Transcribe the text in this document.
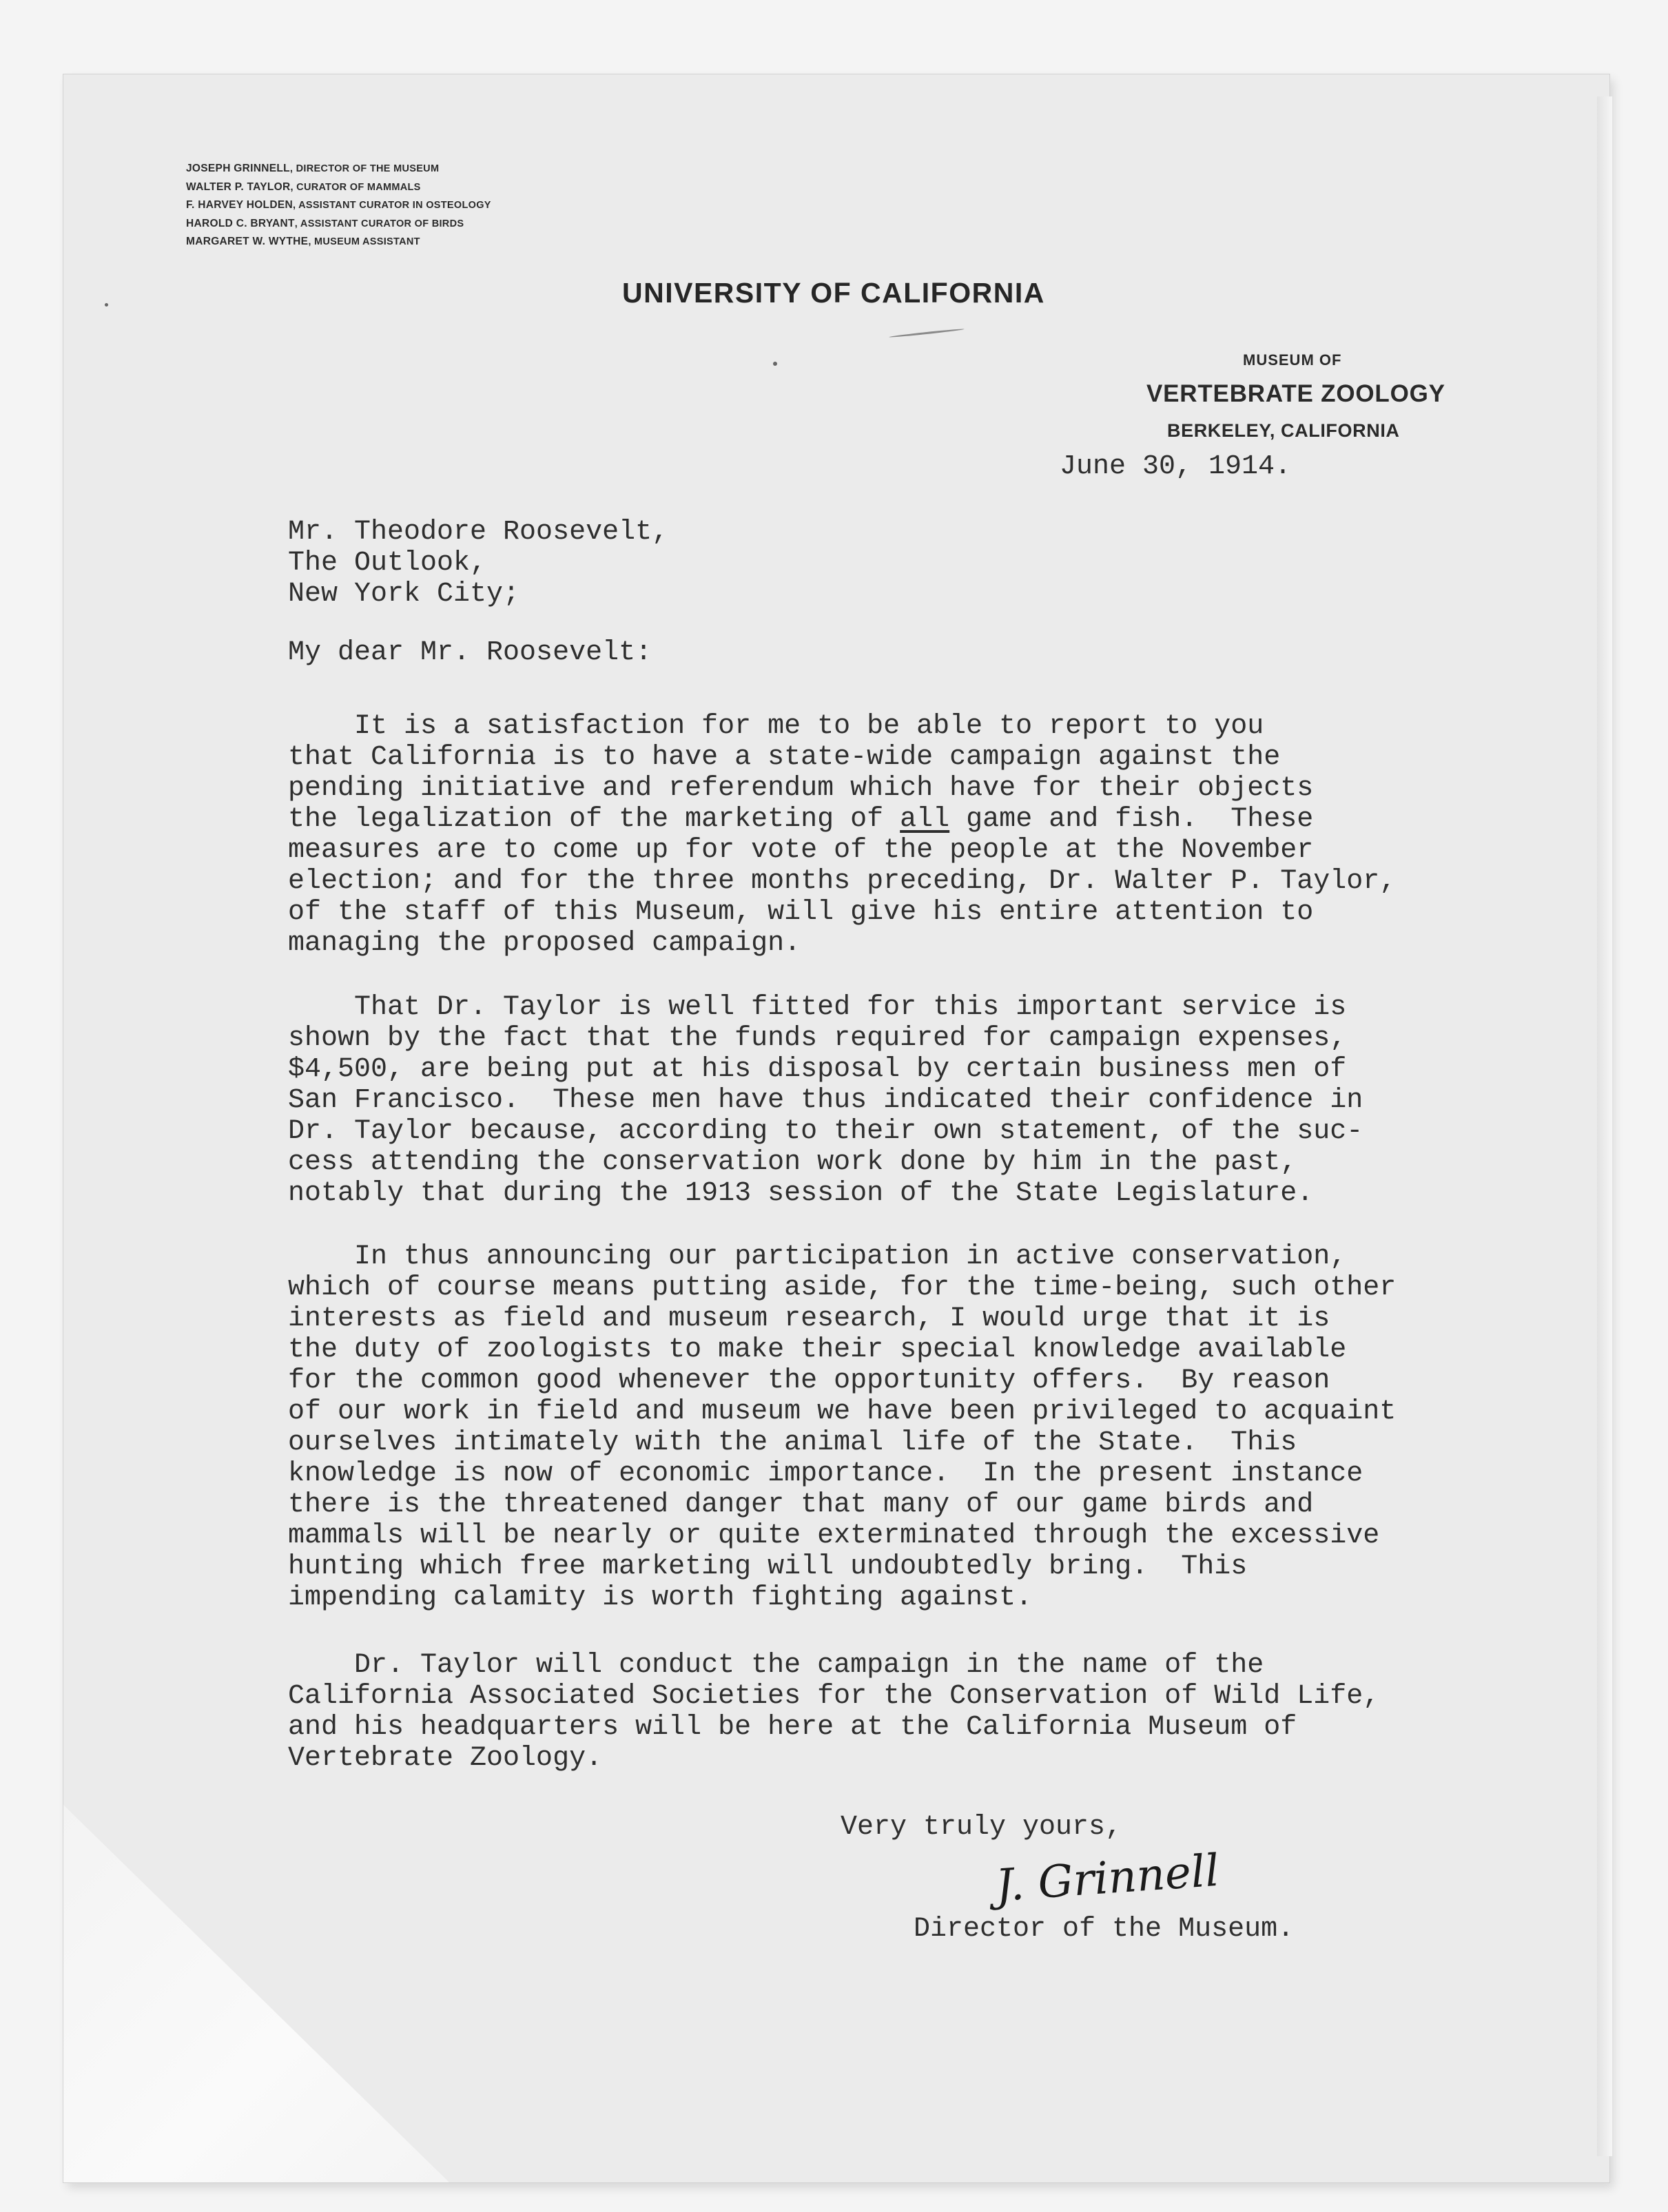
JOSEPH GRINNELL, DIRECTOR OF THE MUSEUM
WALTER P. TAYLOR, CURATOR OF MAMMALS
F. HARVEY HOLDEN, ASSISTANT CURATOR IN OSTEOLOGY
HAROLD C. BRYANT, ASSISTANT CURATOR OF BIRDS
MARGARET W. WYTHE, MUSEUM ASSISTANT
UNIVERSITY OF CALIFORNIA
MUSEUM OF
VERTEBRATE ZOOLOGY
BERKELEY, CALIFORNIA
June 30, 1914.
Mr. Theodore Roosevelt,
The Outlook,
New York City;
My dear Mr. Roosevelt:
It is a satisfaction for me to be able to report to you
that California is to have a state-wide campaign against the
pending initiative and referendum which have for their objects
the legalization of the marketing of all game and fish.  These
measures are to come up for vote of the people at the November
election; and for the three months preceding, Dr. Walter P. Taylor,
of the staff of this Museum, will give his entire attention to
managing the proposed campaign.
That Dr. Taylor is well fitted for this important service is
shown by the fact that the funds required for campaign expenses,
$4,500, are being put at his disposal by certain business men of
San Francisco.  These men have thus indicated their confidence in
Dr. Taylor because, according to their own statement, of the suc-
cess attending the conservation work done by him in the past,
notably that during the 1913 session of the State Legislature.
In thus announcing our participation in active conservation,
which of course means putting aside, for the time-being, such other
interests as field and museum research, I would urge that it is
the duty of zoologists to make their special knowledge available
for the common good whenever the opportunity offers.  By reason
of our work in field and museum we have been privileged to acquaint
ourselves intimately with the animal life of the State.  This
knowledge is now of economic importance.  In the present instance
there is the threatened danger that many of our game birds and
mammals will be nearly or quite exterminated through the excessive
hunting which free marketing will undoubtedly bring.  This
impending calamity is worth fighting against.
Dr. Taylor will conduct the campaign in the name of the
California Associated Societies for the Conservation of Wild Life,
and his headquarters will be here at the California Museum of
Vertebrate Zoology.
Very truly yours,
J. Grinnell
Director of the Museum.
